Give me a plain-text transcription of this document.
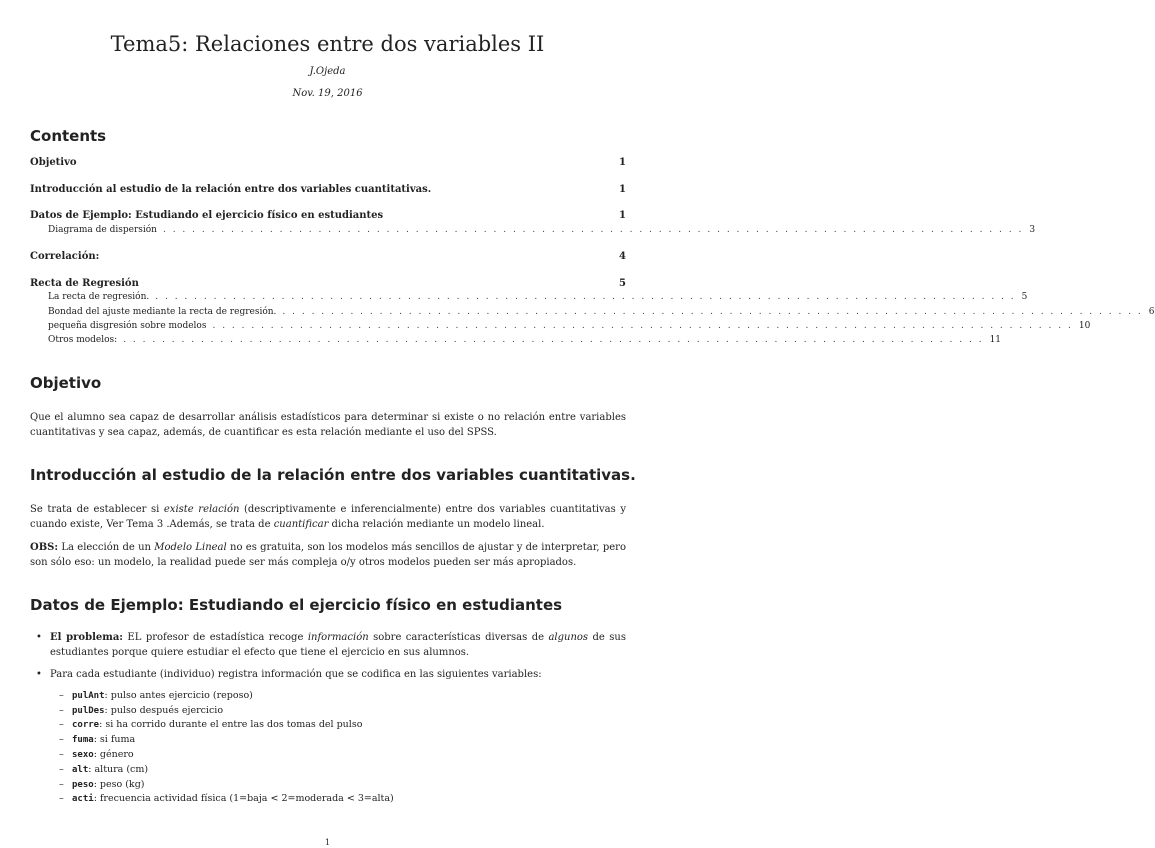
Tema5: Relaciones entre dos variables II
J.Ojeda
Nov. 19, 2016
Contents
Objetivo	1
Introducción al estudio de la relación entre dos variables cuantitativas.	1
Datos de Ejemplo: Estudiando el ejercicio físico en estudiantes	1
Diagrama de dispersión . . . . . . . . . . . . . . . . . . . . . . . . . . . . . . . . . . . . . . . . . . . . . . . . . . . . . . . . . . . . . . . . . . . . . . . . . . . . . . . . . . . . . . . . . 3
Correlación:	4
Recta de Regresión	5
La recta de regresión. . . . . . . . . . . . . . . . . . . . . . . . . . . . . . . . . . . . . . . . . . . . . . . . . . . . . . . . . . . . . . . . . . . . . . . . . . . . . . . . . . . . . . . . . . 5
Bondad del ajuste mediante la recta de regresión. . . . . . . . . . . . . . . . . . . . . . . . . . . . . . . . . . . . . . . . . . . . . . . . . . . . . . . . . . . . . . . . . . . . . . . . . . . . . . . . . . . . . . . . . . 6
pequeña disgresión sobre modelos . . . . . . . . . . . . . . . . . . . . . . . . . . . . . . . . . . . . . . . . . . . . . . . . . . . . . . . . . . . . . . . . . . . . . . . . . . . . . . . . . . . . . . . . . 10
Otros modelos: . . . . . . . . . . . . . . . . . . . . . . . . . . . . . . . . . . . . . . . . . . . . . . . . . . . . . . . . . . . . . . . . . . . . . . . . . . . . . . . . . . . . . . . . . 11
Objetivo
Que el alumno sea capaz de desarrollar análisis estadísticos para determinar si existe o no relación entre variables cuantitativas y sea capaz, además, de cuantificar es esta relación mediante el uso del SPSS.
Introducción al estudio de la relación entre dos variables cuantitativas.
Se trata de establecer si existe relación (descriptivamente e inferencialmente) entre dos variables cuantitativas y cuando existe, Ver Tema 3 .Además, se trata de cuantificar dicha relación mediante un modelo lineal.
OBS: La elección de un Modelo Lineal no es gratuita, son los modelos más sencillos de ajustar y de interpretar, pero son sólo eso: un modelo, la realidad puede ser más compleja o/y otros modelos pueden ser más apropiados.
Datos de Ejemplo: Estudiando el ejercicio físico en estudiantes
• El problema: EL profesor de estadística recoge información sobre características diversas de algunos de sus estudiantes porque quiere estudiar el efecto que tiene el ejercicio en sus alumnos.
• Para cada estudiante (individuo) registra información que se codifica en las siguientes variables:
– pulAnt: pulso antes ejercicio (reposo)
– pulDes: pulso después ejercicio
– corre: si ha corrido durante el entre las dos tomas del pulso
– fuma: si fuma
– sexo: género
– alt: altura (cm)
– peso: peso (kg)
– acti: frecuencia actividad física (1=baja < 2=moderada < 3=alta)
1
